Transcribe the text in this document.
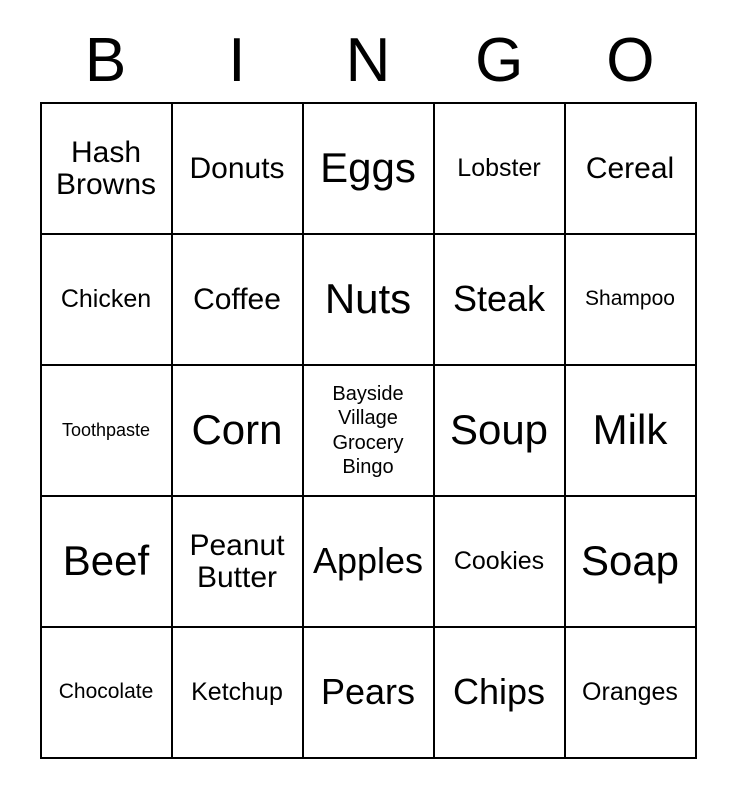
B	I	N	G	O
Hash Browns	Donuts	Eggs	Lobster	Cereal

Chicken	Coffee	Nuts	Steak	Shampoo

Toothpaste	Corn	Bayside Village Grocery Bingo	Soup	Milk

Beef	Peanut Butter	Apples	Cookies	Soap

Chocolate	Ketchup	Pears	Chips	Oranges
